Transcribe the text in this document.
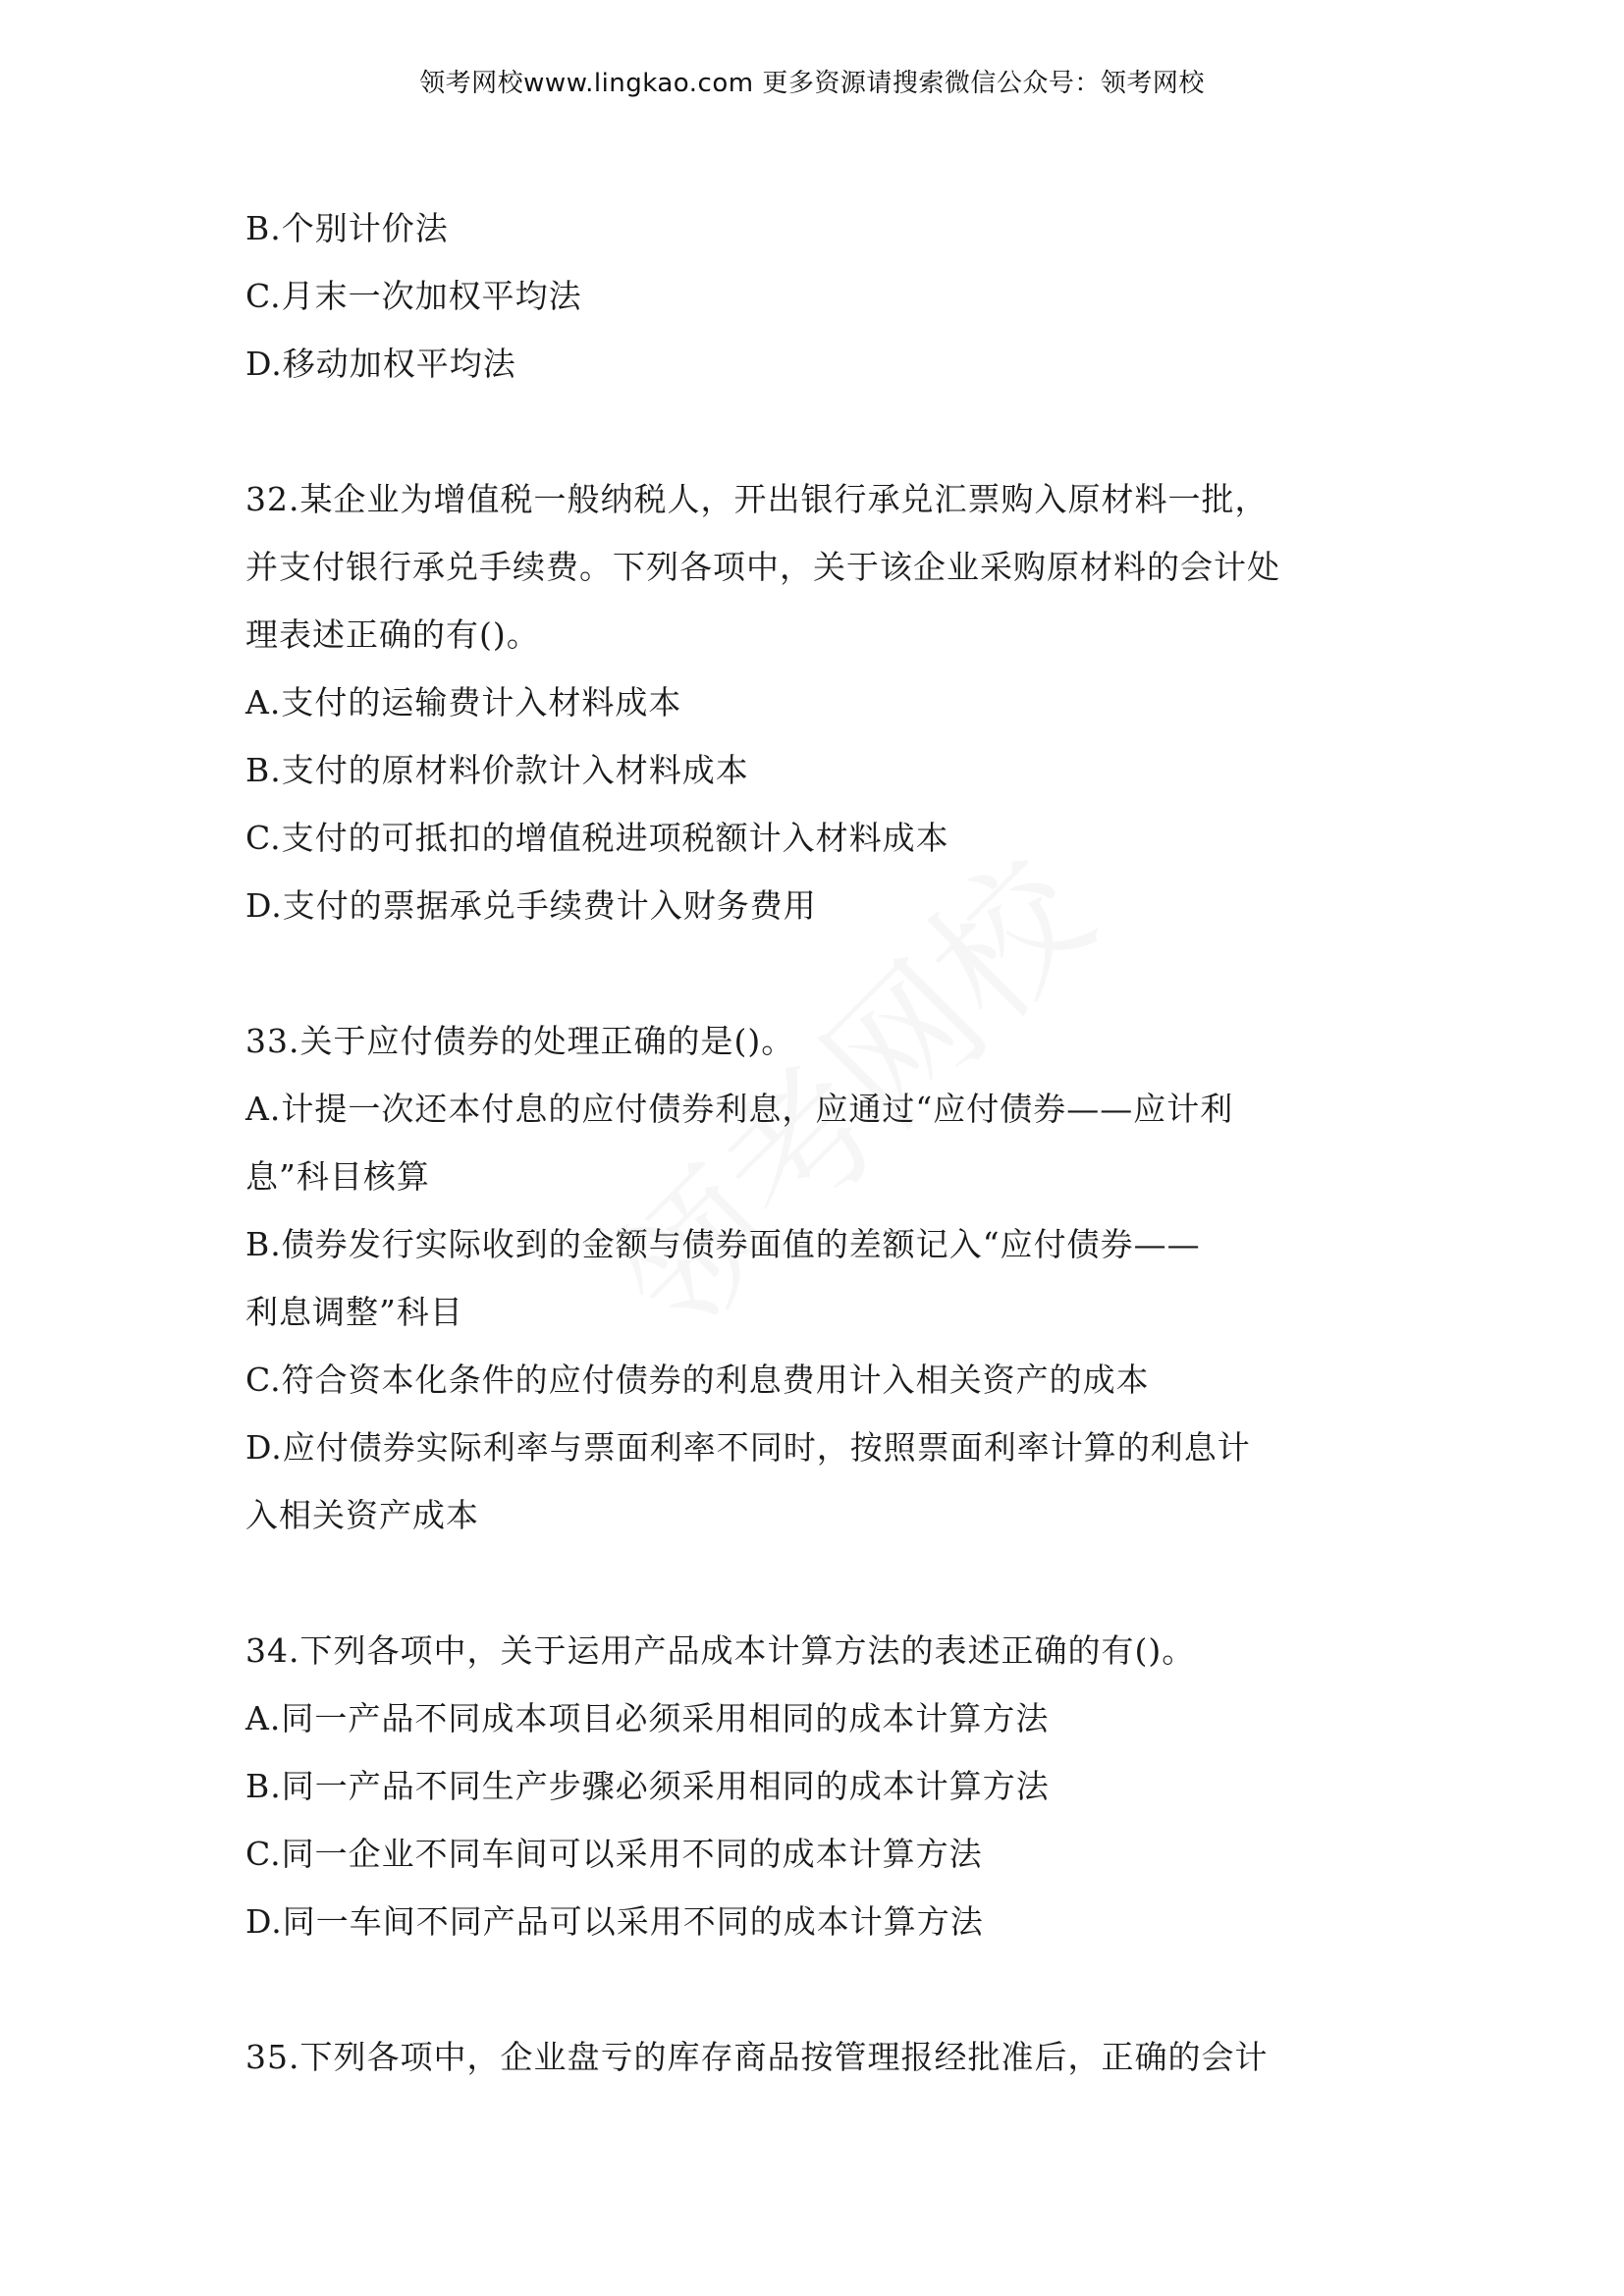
领考网校www.lingkao.com 更多资源请搜索微信公众号：领考网校
B.个别计价法
C.月末一次加权平均法
D.移动加权平均法
32.某企业为增值税一般纳税人，开出银行承兑汇票购入原材料一批，
并支付银行承兑手续费。下列各项中，关于该企业采购原材料的会计处
理表述正确的有()。
A.支付的运输费计入材料成本
B.支付的原材料价款计入材料成本
C.支付的可抵扣的增值税进项税额计入材料成本
D.支付的票据承兑手续费计入财务费用
33.关于应付债券的处理正确的是()。
A.计提一次还本付息的应付债券利息，应通过“应付债券——应计利
息”科目核算
B.债券发行实际收到的金额与债券面值的差额记入“应付债券——
利息调整”科目
C.符合资本化条件的应付债券的利息费用计入相关资产的成本
D.应付债券实际利率与票面利率不同时，按照票面利率计算的利息计
入相关资产成本
34.下列各项中，关于运用产品成本计算方法的表述正确的有()。
A.同一产品不同成本项目必须采用相同的成本计算方法
B.同一产品不同生产步骤必须采用相同的成本计算方法
C.同一企业不同车间可以采用不同的成本计算方法
D.同一车间不同产品可以采用不同的成本计算方法
35.下列各项中，企业盘亏的库存商品按管理报经批准后，正确的会计
